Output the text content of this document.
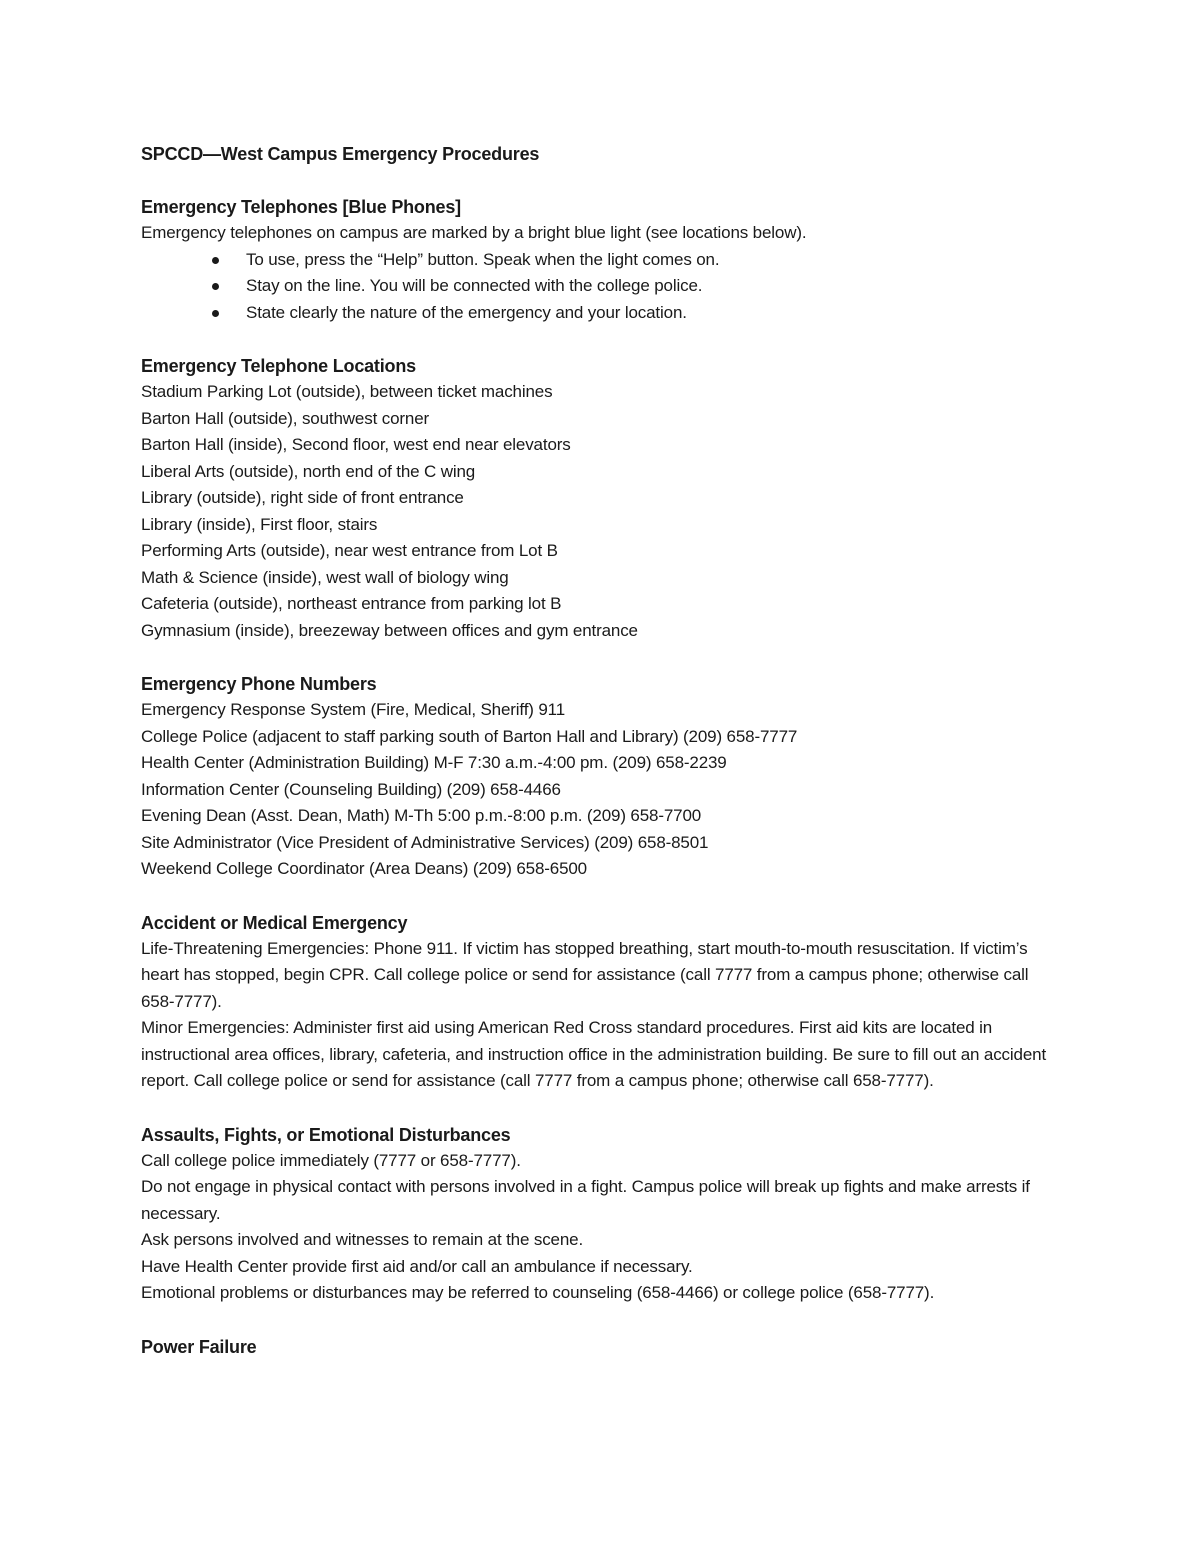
SPCCD—West Campus Emergency Procedures

Emergency Telephones [Blue Phones]

Emergency telephones on campus are marked by a bright blue light (see locations below).

To use, press the “Help” button. Speak when the light comes on.
Stay on the line. You will be connected with the college police.
State clearly the nature of the emergency and your location.

Emergency Telephone Locations

Stadium Parking Lot (outside), between ticket machines

Barton Hall (outside), southwest corner

Barton Hall (inside), Second floor, west end near elevators

Liberal Arts (outside), north end of the C wing

Library (outside), right side of front entrance

Library (inside), First floor, stairs

Performing Arts (outside), near west entrance from Lot B

Math & Science (inside), west wall of biology wing

Cafeteria (outside), northeast entrance from parking lot B

Gymnasium (inside), breezeway between offices and gym entrance

Emergency Phone Numbers

Emergency Response System (Fire, Medical, Sheriff) 911

College Police (adjacent to staff parking south of Barton Hall and Library) (209) 658-7777

Health Center (Administration Building) M-F 7:30 a.m.-4:00 pm. (209) 658-2239

Information Center (Counseling Building) (209) 658-4466

Evening Dean (Asst. Dean, Math) M-Th 5:00 p.m.-8:00 p.m. (209) 658-7700

Site Administrator (Vice President of Administrative Services) (209) 658-8501

Weekend College Coordinator (Area Deans) (209) 658-6500

Accident or Medical Emergency

Life-Threatening Emergencies: Phone 911. If victim has stopped breathing, start mouth-to-mouth resuscitation. If victim’s heart has stopped, begin CPR. Call college police or send for assistance (call 7777 from a campus phone; otherwise call 658-7777).

Minor Emergencies: Administer first aid using American Red Cross standard procedures. First aid kits are located in instructional area offices, library, cafeteria, and instruction office in the administration building. Be sure to fill out an accident report. Call college police or send for assistance (call 7777 from a campus phone; otherwise call 658-7777).

Assaults, Fights, or Emotional Disturbances

Call college police immediately (7777 or 658-7777).

Do not engage in physical contact with persons involved in a fight. Campus police will break up fights and make arrests if necessary.

Ask persons involved and witnesses to remain at the scene.

Have Health Center provide first aid and/or call an ambulance if necessary.

Emotional problems or disturbances may be referred to counseling (658-4466) or college police (658-7777).

Power Failure
